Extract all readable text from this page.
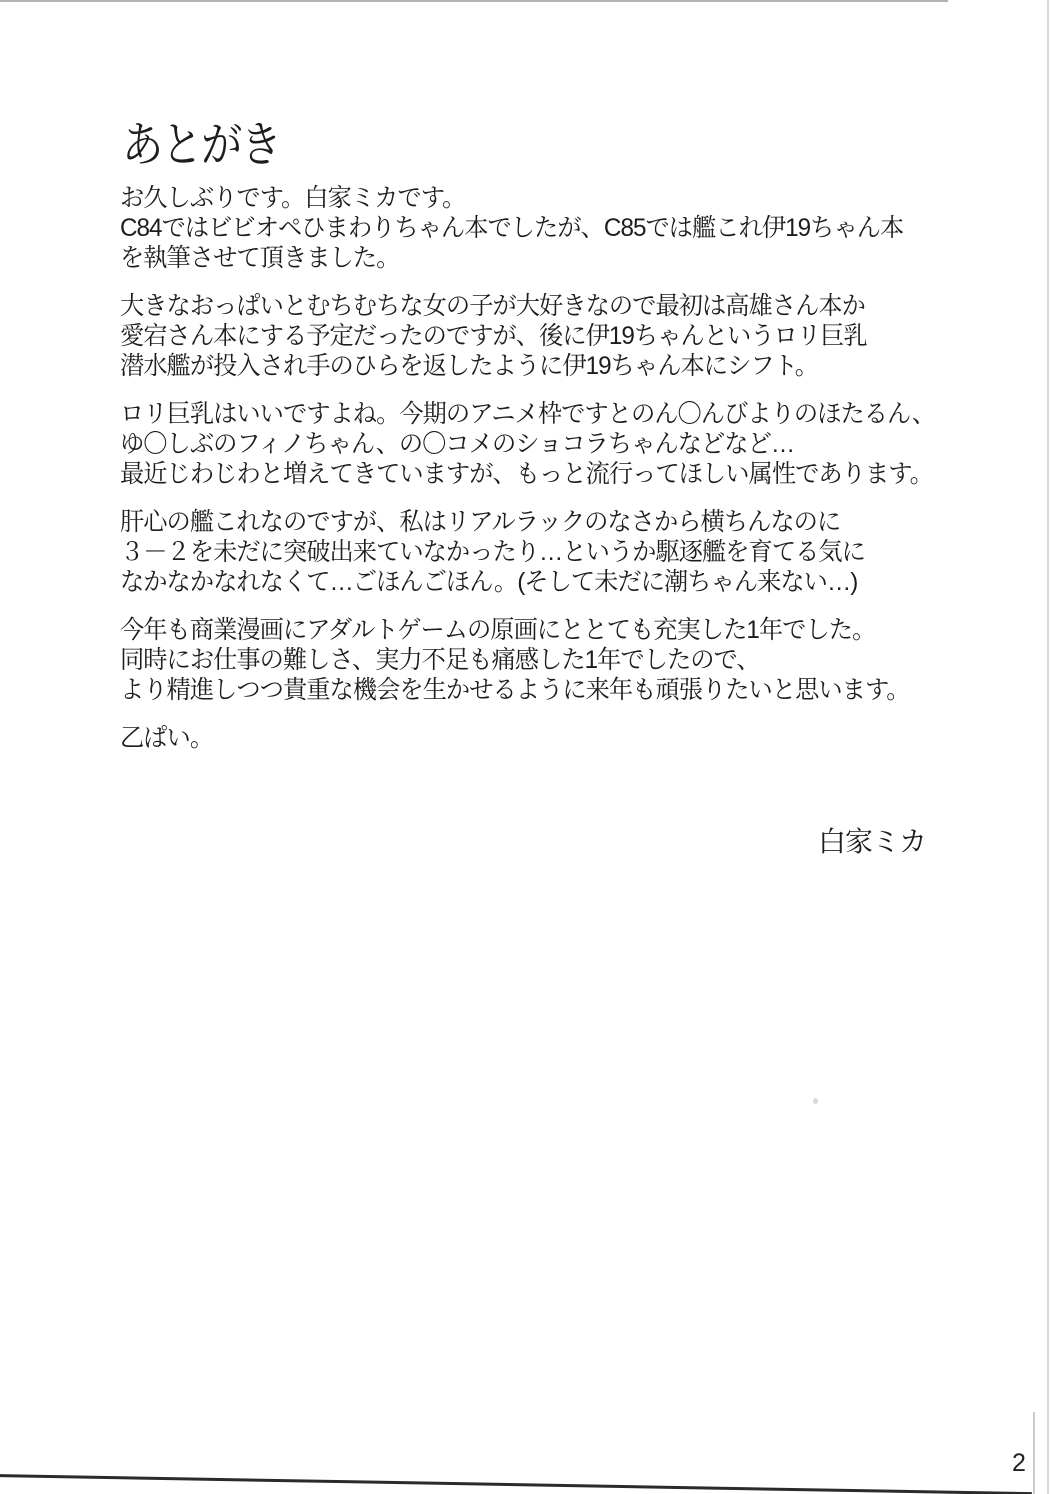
あとがき

お久しぶりです。白家ミカです。
C84ではビビオペひまわりちゃん本でしたが、C85では艦これ伊19ちゃん本
を執筆させて頂きました。

大きなおっぱいとむちむちな女の子が大好きなので最初は高雄さん本か
愛宕さん本にする予定だったのですが、後に伊19ちゃんというロリ巨乳
潜水艦が投入され手のひらを返したように伊19ちゃん本にシフト。

ロリ巨乳はいいですよね。今期のアニメ枠ですとのん〇んびよりのほたるん、
ゆ〇しぶのフィノちゃん、の〇コメのショコラちゃんなどなど…
最近じわじわと増えてきていますが、もっと流行ってほしい属性であります。

肝心の艦これなのですが、私はリアルラックのなさから横ちんなのに
３－２を未だに突破出来ていなかったり…というか駆逐艦を育てる気に
なかなかなれなくて…ごほんごほん。(そして未だに潮ちゃん来ない…)

今年も商業漫画にアダルトゲームの原画にととても充実した1年でした。
同時にお仕事の難しさ、実力不足も痛感した1年でしたので、
より精進しつつ貴重な機会を生かせるように来年も頑張りたいと思います。

乙ぱい。

白家ミカ
2
